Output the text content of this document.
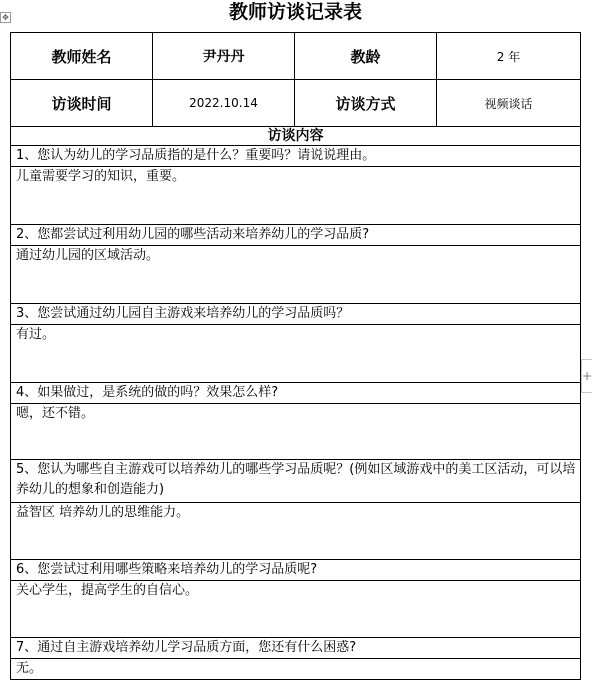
✥
+
教师访谈记录表
教师姓名	尹丹丹	教龄	2 年
访谈时间	2022.10.14	访谈方式	视频谈话
访谈内容			
1、您认为幼儿的学习品质指的是什么？重要吗？请说说理由。			
儿童需要学习的知识，重要。			
2、您都尝试过利用幼儿园的哪些活动来培养幼儿的学习品质?			
通过幼儿园的区域活动。			
3、您尝试通过幼儿园自主游戏来培养幼儿的学习品质吗？			
有过。			
4、如果做过，是系统的做的吗？效果怎么样?			
嗯，还不错。			
5、您认为哪些自主游戏可以培养幼儿的哪些学习品质呢？(例如区域游戏中的美工区活动，可以培养幼儿的想象和创造能力)			
益智区 培养幼儿的思维能力。			
6、您尝试过利用哪些策略来培养幼儿的学习品质呢?			
关心学生，提高学生的自信心。			
7、通过自主游戏培养幼儿学习品质方面，您还有什么困惑?			
无。			
